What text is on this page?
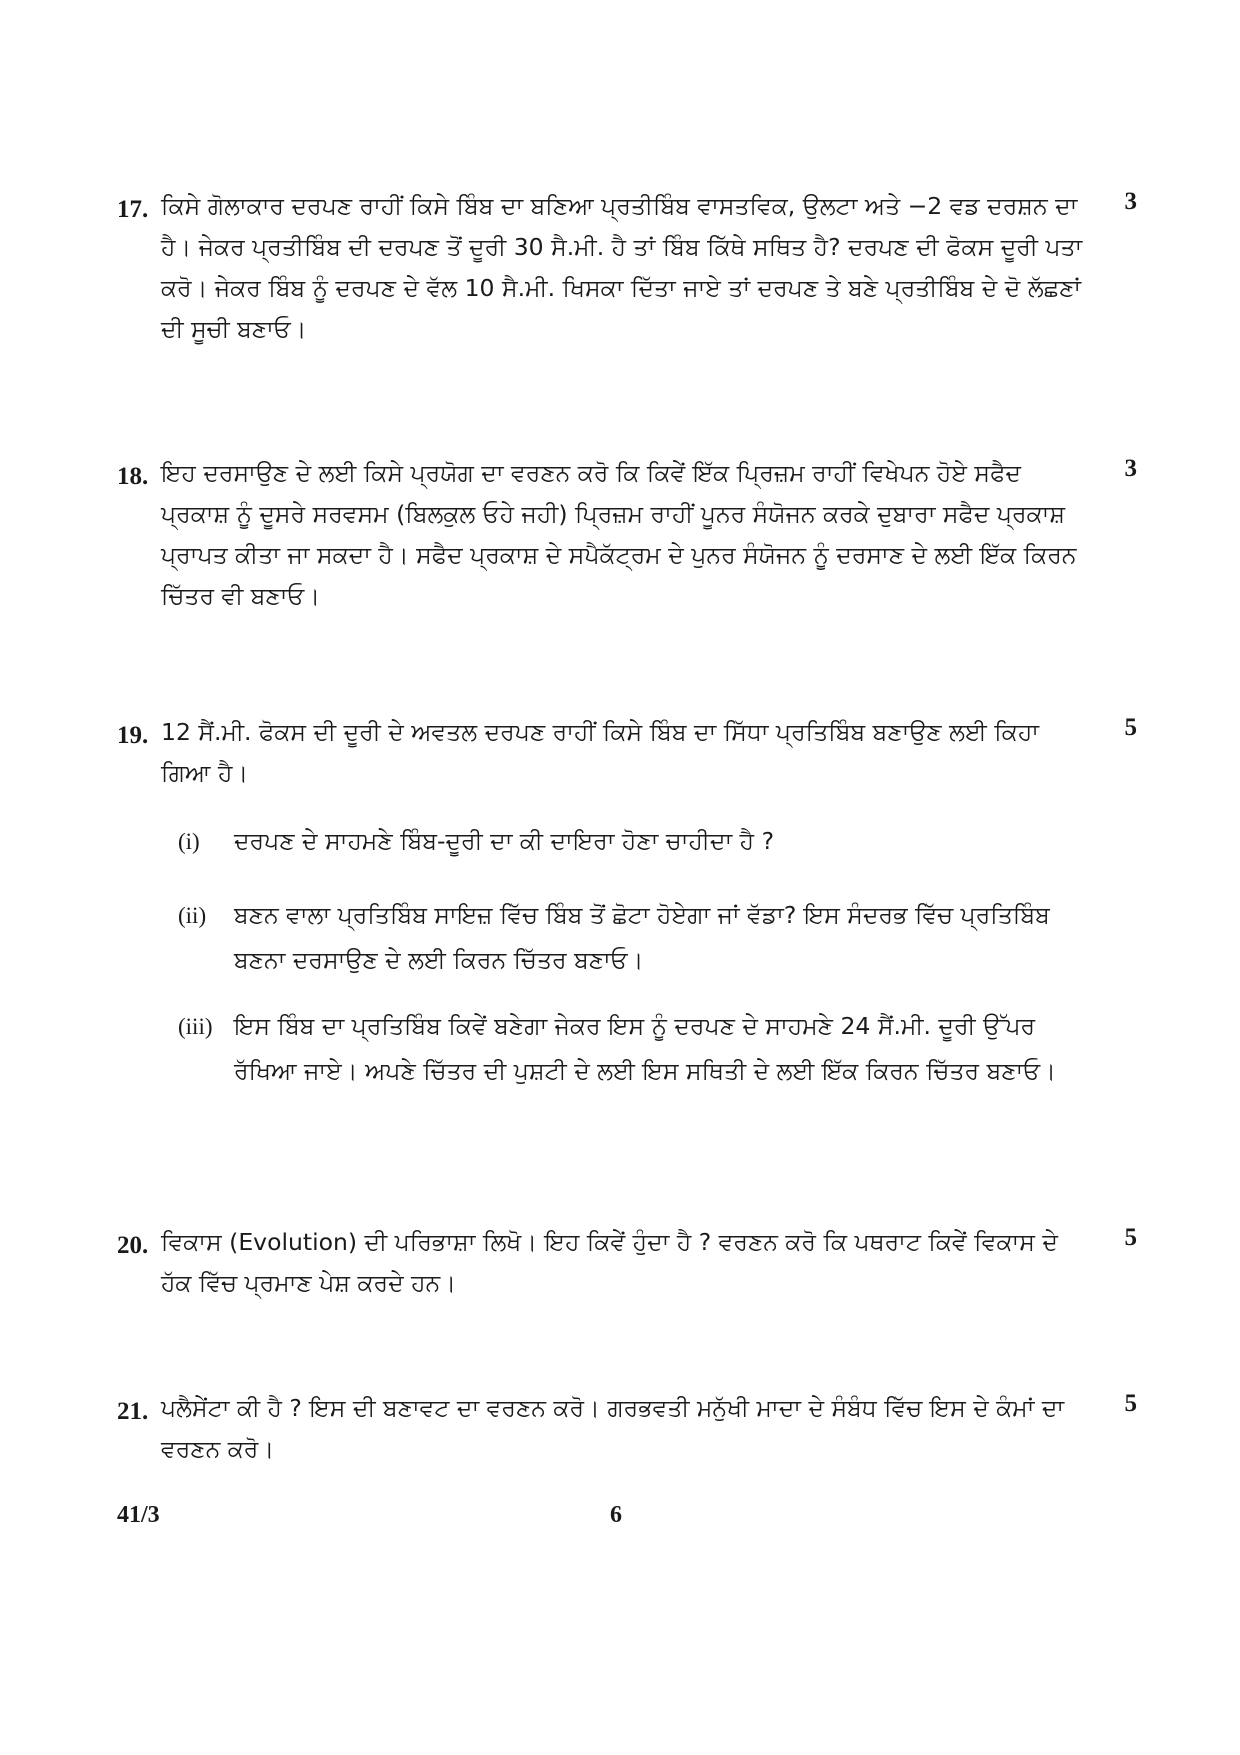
17. ਕਿਸੇ ਗੋਲਾਕਾਰ ਦਰਪਣ ਰਾਹੀਂ ਕਿਸੇ ਬਿੰਬ ਦਾ ਬਣਿਆ ਪ੍ਰਤੀਬਿੰਬ ਵਾਸਤਵਿਕ, ਉਲਟਾ ਅਤੇ −2 ਵਡ ਦਰਸ਼ਨ ਦਾ ਹੈ। ਜੇਕਰ ਪ੍ਰਤੀਬਿੰਬ ਦੀ ਦਰਪਣ ਤੋਂ ਦੂਰੀ 30 ਸੈ.ਮੀ. ਹੈ ਤਾਂ ਬਿੰਬ ਕਿੱਥੇ ਸਥਿਤ ਹੈ? ਦਰਪਣ ਦੀ ਫੋਕਸ ਦੂਰੀ ਪਤਾ ਕਰੋ। ਜੇਕਰ ਬਿੰਬ ਨੂੰ ਦਰਪਣ ਦੇ ਵੱਲ 10 ਸੈ.ਮੀ. ਖਿਸਕਾ ਦਿੱਤਾ ਜਾਏ ਤਾਂ ਦਰਪਣ ਤੇ ਬਣੇ ਪ੍ਰਤੀਬਿੰਬ ਦੇ ਦੋ ਲੱਛਣਾਂ ਦੀ ਸੂਚੀ ਬਣਾਓ।
3
18. ਇਹ ਦਰਸਾਉਣ ਦੇ ਲਈ ਕਿਸੇ ਪ੍ਰਯੋਗ ਦਾ ਵਰਣਨ ਕਰੋ ਕਿ ਕਿਵੇਂ ਇੱਕ ਪ੍ਰਿਜ਼ਮ ਰਾਹੀਂ ਵਿਖੇਪਨ ਹੋਏ ਸਫੈਦ ਪ੍ਰਕਾਸ਼ ਨੂੰ ਦੂਸਰੇ ਸਰਵਸਮ (ਬਿਲਕੁਲ ਓਹੇ ਜਹੀ) ਪ੍ਰਿਜ਼ਮ ਰਾਹੀਂ ਪੂਨਰ ਸੰਯੋਜਨ ਕਰਕੇ ਦੁਬਾਰਾ ਸਫੈਦ ਪ੍ਰਕਾਸ਼ ਪ੍ਰਾਪਤ ਕੀਤਾ ਜਾ ਸਕਦਾ ਹੈ। ਸਫੈਦ ਪ੍ਰਕਾਸ਼ ਦੇ ਸਪੈਕੱਟ੍ਰਮ ਦੇ ਪੁਨਰ ਸੰਯੋਜਨ ਨੂੰ ਦਰਸਾਣ ਦੇ ਲਈ ਇੱਕ ਕਿਰਨ ਚਿੱਤਰ ਵੀ ਬਣਾਓ।
3
19. 12 ਸੈਂ.ਮੀ. ਫੋਕਸ ਦੀ ਦੂਰੀ ਦੇ ਅਵਤਲ ਦਰਪਣ ਰਾਹੀਂ ਕਿਸੇ ਬਿੰਬ ਦਾ ਸਿੱਧਾ ਪ੍ਰਤਿਬਿੰਬ ਬਣਾਉਣ ਲਈ ਕਿਹਾ ਗਿਆ ਹੈ।
5
(i) ਦਰਪਣ ਦੇ ਸਾਹਮਣੇ ਬਿੰਬ-ਦੂਰੀ ਦਾ ਕੀ ਦਾਇਰਾ ਹੋਣਾ ਚਾਹੀਦਾ ਹੈ ?
(ii) ਬਣਨ ਵਾਲਾ ਪ੍ਰਤਿਬਿੰਬ ਸਾਇਜ਼ ਵਿੱਚ ਬਿੰਬ ਤੋਂ ਛੋਟਾ ਹੋਏਗਾ ਜਾਂ ਵੱਡਾ? ਇਸ ਸੰਦਰਭ ਵਿੱਚ ਪ੍ਰਤਿਬਿੰਬ ਬਣਨਾ ਦਰਸਾਉਣ ਦੇ ਲਈ ਕਿਰਨ ਚਿੱਤਰ ਬਣਾਓ।
(iii) ਇਸ ਬਿੰਬ ਦਾ ਪ੍ਰਤਿਬਿੰਬ ਕਿਵੇਂ ਬਣੇਗਾ ਜੇਕਰ ਇਸ ਨੂੰ ਦਰਪਣ ਦੇ ਸਾਹਮਣੇ 24 ਸੈਂ.ਮੀ. ਦੂਰੀ ਉੱਪਰ ਰੱਖਿਆ ਜਾਏ। ਅਪਣੇ ਚਿੱਤਰ ਦੀ ਪੁਸ਼ਟੀ ਦੇ ਲਈ ਇਸ ਸਥਿਤੀ ਦੇ ਲਈ ਇੱਕ ਕਿਰਨ ਚਿੱਤਰ ਬਣਾਓ।
20. ਵਿਕਾਸ (Evolution) ਦੀ ਪਰਿਭਾਸ਼ਾ ਲਿਖੋ। ਇਹ ਕਿਵੇਂ ਹੁੰਦਾ ਹੈ ? ਵਰਣਨ ਕਰੋ ਕਿ ਪਥਰਾਟ ਕਿਵੇਂ ਵਿਕਾਸ ਦੇ ਹੱਕ ਵਿੱਚ ਪ੍ਰਮਾਣ ਪੇਸ਼ ਕਰਦੇ ਹਨ।
5
21. ਪਲੈਸੇਂਟਾ ਕੀ ਹੈ ? ਇਸ ਦੀ ਬਣਾਵਟ ਦਾ ਵਰਣਨ ਕਰੋ। ਗਰਭਵਤੀ ਮਨੁੱਖੀ ਮਾਦਾ ਦੇ ਸੰਬੰਧ ਵਿੱਚ ਇਸ ਦੇ ਕੰਮਾਂ ਦਾ ਵਰਣਨ ਕਰੋ।
5
41/3	6
